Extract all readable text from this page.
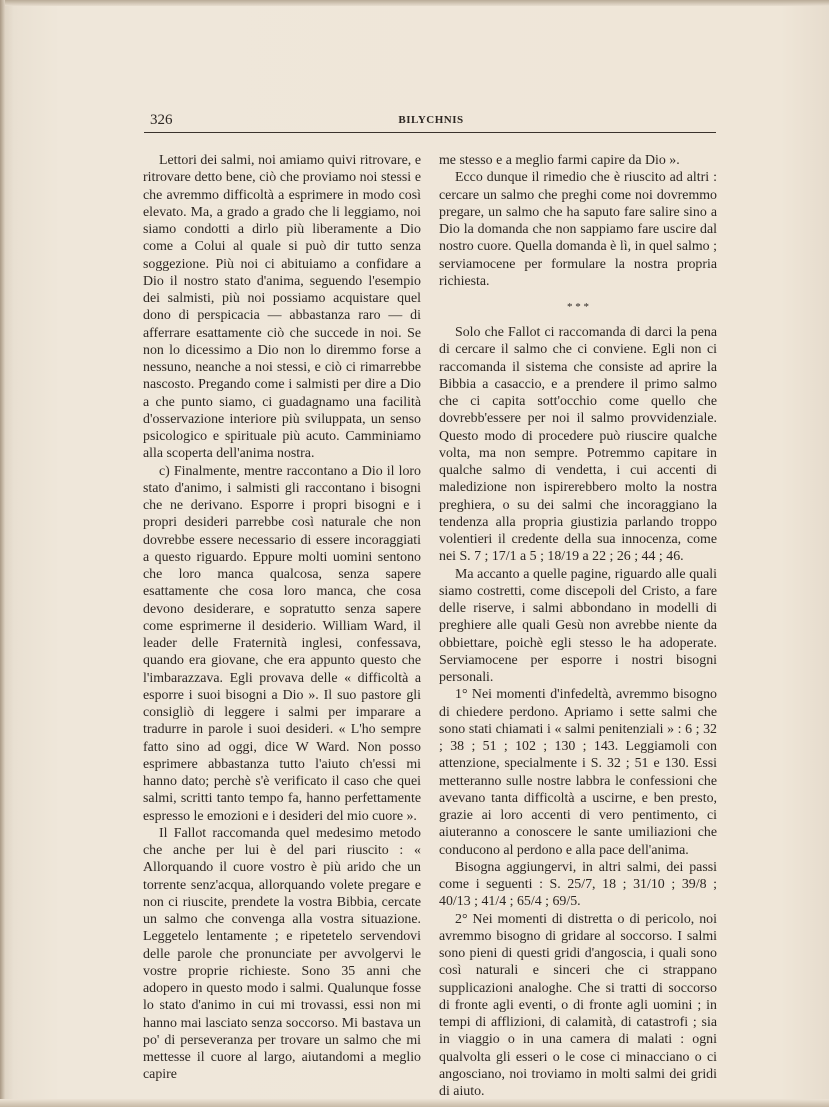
326	BILYCHNIS

Lettori dei salmi, noi amiamo quivi ritrovare, e ritrovare detto bene, ciò che proviamo noi stessi e che avremmo difficoltà a esprimere in modo così elevato. Ma, a grado a grado che li leggiamo, noi siamo condotti a dirlo più liberamente a Dio come a Colui al quale si può dir tutto senza soggezione. Più noi ci abituiamo a confidare a Dio il nostro stato d'anima, seguendo l'esempio dei salmisti, più noi possiamo acquistare quel dono di perspicacia — abbastanza raro — di afferrare esattamente ciò che succede in noi. Se non lo dicessimo a Dio non lo diremmo forse a nessuno, neanche a noi stessi, e ciò ci rimarrebbe nascosto. Pregando come i salmisti per dire a Dio a che punto siamo, ci guadagnamo una facilità d'osservazione interiore più sviluppata, un senso psicologico e spirituale più acuto. Camminiamo alla scoperta dell'anima nostra.

c) Finalmente, mentre raccontano a Dio il loro stato d'animo, i salmisti gli raccontano i bisogni che ne derivano. Esporre i propri bisogni e i propri desideri parrebbe così naturale che non dovrebbe essere necessario di essere incoraggiati a questo riguardo. Eppure molti uomini sentono che loro manca qualcosa, senza sapere esattamente che cosa loro manca, che cosa devono desiderare, e sopratutto senza sapere come esprimerne il desiderio. William Ward, il leader delle Fraternità inglesi, confessava, quando era giovane, che era appunto questo che l'imbarazzava. Egli provava delle « difficoltà a esporre i suoi bisogni a Dio ». Il suo pastore gli consigliò di leggere i salmi per imparare a tradurre in parole i suoi desideri. « L'ho sempre fatto sino ad oggi, dice W Ward. Non posso esprimere abbastanza tutto l'aiuto ch'essi mi hanno dato; perchè s'è verificato il caso che quei salmi, scritti tanto tempo fa, hanno perfettamente espresso le emozioni e i desideri del mio cuore ».

Il Fallot raccomanda quel medesimo metodo che anche per lui è del pari riuscito : « Allorquando il cuore vostro è più arido che un torrente senz'acqua, allorquando volete pregare e non ci riuscite, prendete la vostra Bibbia, cercate un salmo che convenga alla vostra situazione. Leggetelo lentamente ; e ripetetelo servendovi delle parole che pronunciate per avvolgervi le vostre proprie richieste. Sono 35 anni che adopero in questo modo i salmi. Qualunque fosse lo stato d'animo in cui mi trovassi, essi non mi hanno mai lasciato senza soccorso. Mi bastava un po' di perseveranza per trovare un salmo che mi mettesse il cuore al largo, aiutandomi a meglio capire

me stesso e a meglio farmi capire da Dio ».

Ecco dunque il rimedio che è riuscito ad altri : cercare un salmo che preghi come noi dovremmo pregare, un salmo che ha saputo fare salire sino a Dio la domanda che non sappiamo fare uscire dal nostro cuore. Quella domanda è lì, in quel salmo ; serviamocene per formulare la nostra propria richiesta.

* * *

Solo che Fallot ci raccomanda di darci la pena di cercare il salmo che ci conviene. Egli non ci raccomanda il sistema che consiste ad aprire la Bibbia a casaccio, e a prendere il primo salmo che ci capita sott'occhio come quello che dovrebb'essere per noi il salmo provvidenziale. Questo modo di procedere può riuscire qualche volta, ma non sempre. Potremmo capitare in qualche salmo di vendetta, i cui accenti di maledizione non ispirerebbero molto la nostra preghiera, o su dei salmi che incoraggiano la tendenza alla propria giustizia parlando troppo volentieri il credente della sua innocenza, come nei S. 7 ; 17/1 a 5 ; 18/19 a 22 ; 26 ; 44 ; 46.

Ma accanto a quelle pagine, riguardo alle quali siamo costretti, come discepoli del Cristo, a fare delle riserve, i salmi abbondano in modelli di preghiere alle quali Gesù non avrebbe niente da obbiettare, poichè egli stesso le ha adoperate. Serviamocene per esporre i nostri bisogni personali.

1° Nei momenti d'infedeltà, avremmo bisogno di chiedere perdono. Apriamo i sette salmi che sono stati chiamati i « salmi penitenziali » : 6 ; 32 ; 38 ; 51 ; 102 ; 130 ; 143. Leggiamoli con attenzione, specialmente i S. 32 ; 51 e 130. Essi metteranno sulle nostre labbra le confessioni che avevano tanta difficoltà a uscirne, e ben presto, grazie ai loro accenti di vero pentimento, ci aiuteranno a conoscere le sante umiliazioni che conducono al perdono e alla pace dell'anima.

Bisogna aggiungervi, in altri salmi, dei passi come i seguenti : S. 25/7, 18 ; 31/10 ; 39/8 ; 40/13 ; 41/4 ; 65/4 ; 69/5.

2° Nei momenti di distretta o di pericolo, noi avremmo bisogno di gridare al soccorso. I salmi sono pieni di questi gridi d'angoscia, i quali sono così naturali e sinceri che ci strappano supplicazioni analoghe. Che si tratti di soccorso di fronte agli eventi, o di fronte agli uomini ; in tempi di afflizioni, di calamità, di catastrofi ; sia in viaggio o in una camera di malati : ogni qualvolta gli esseri o le cose ci minacciano o ci angosciano, noi troviamo in molti salmi dei gridi di aiuto.
